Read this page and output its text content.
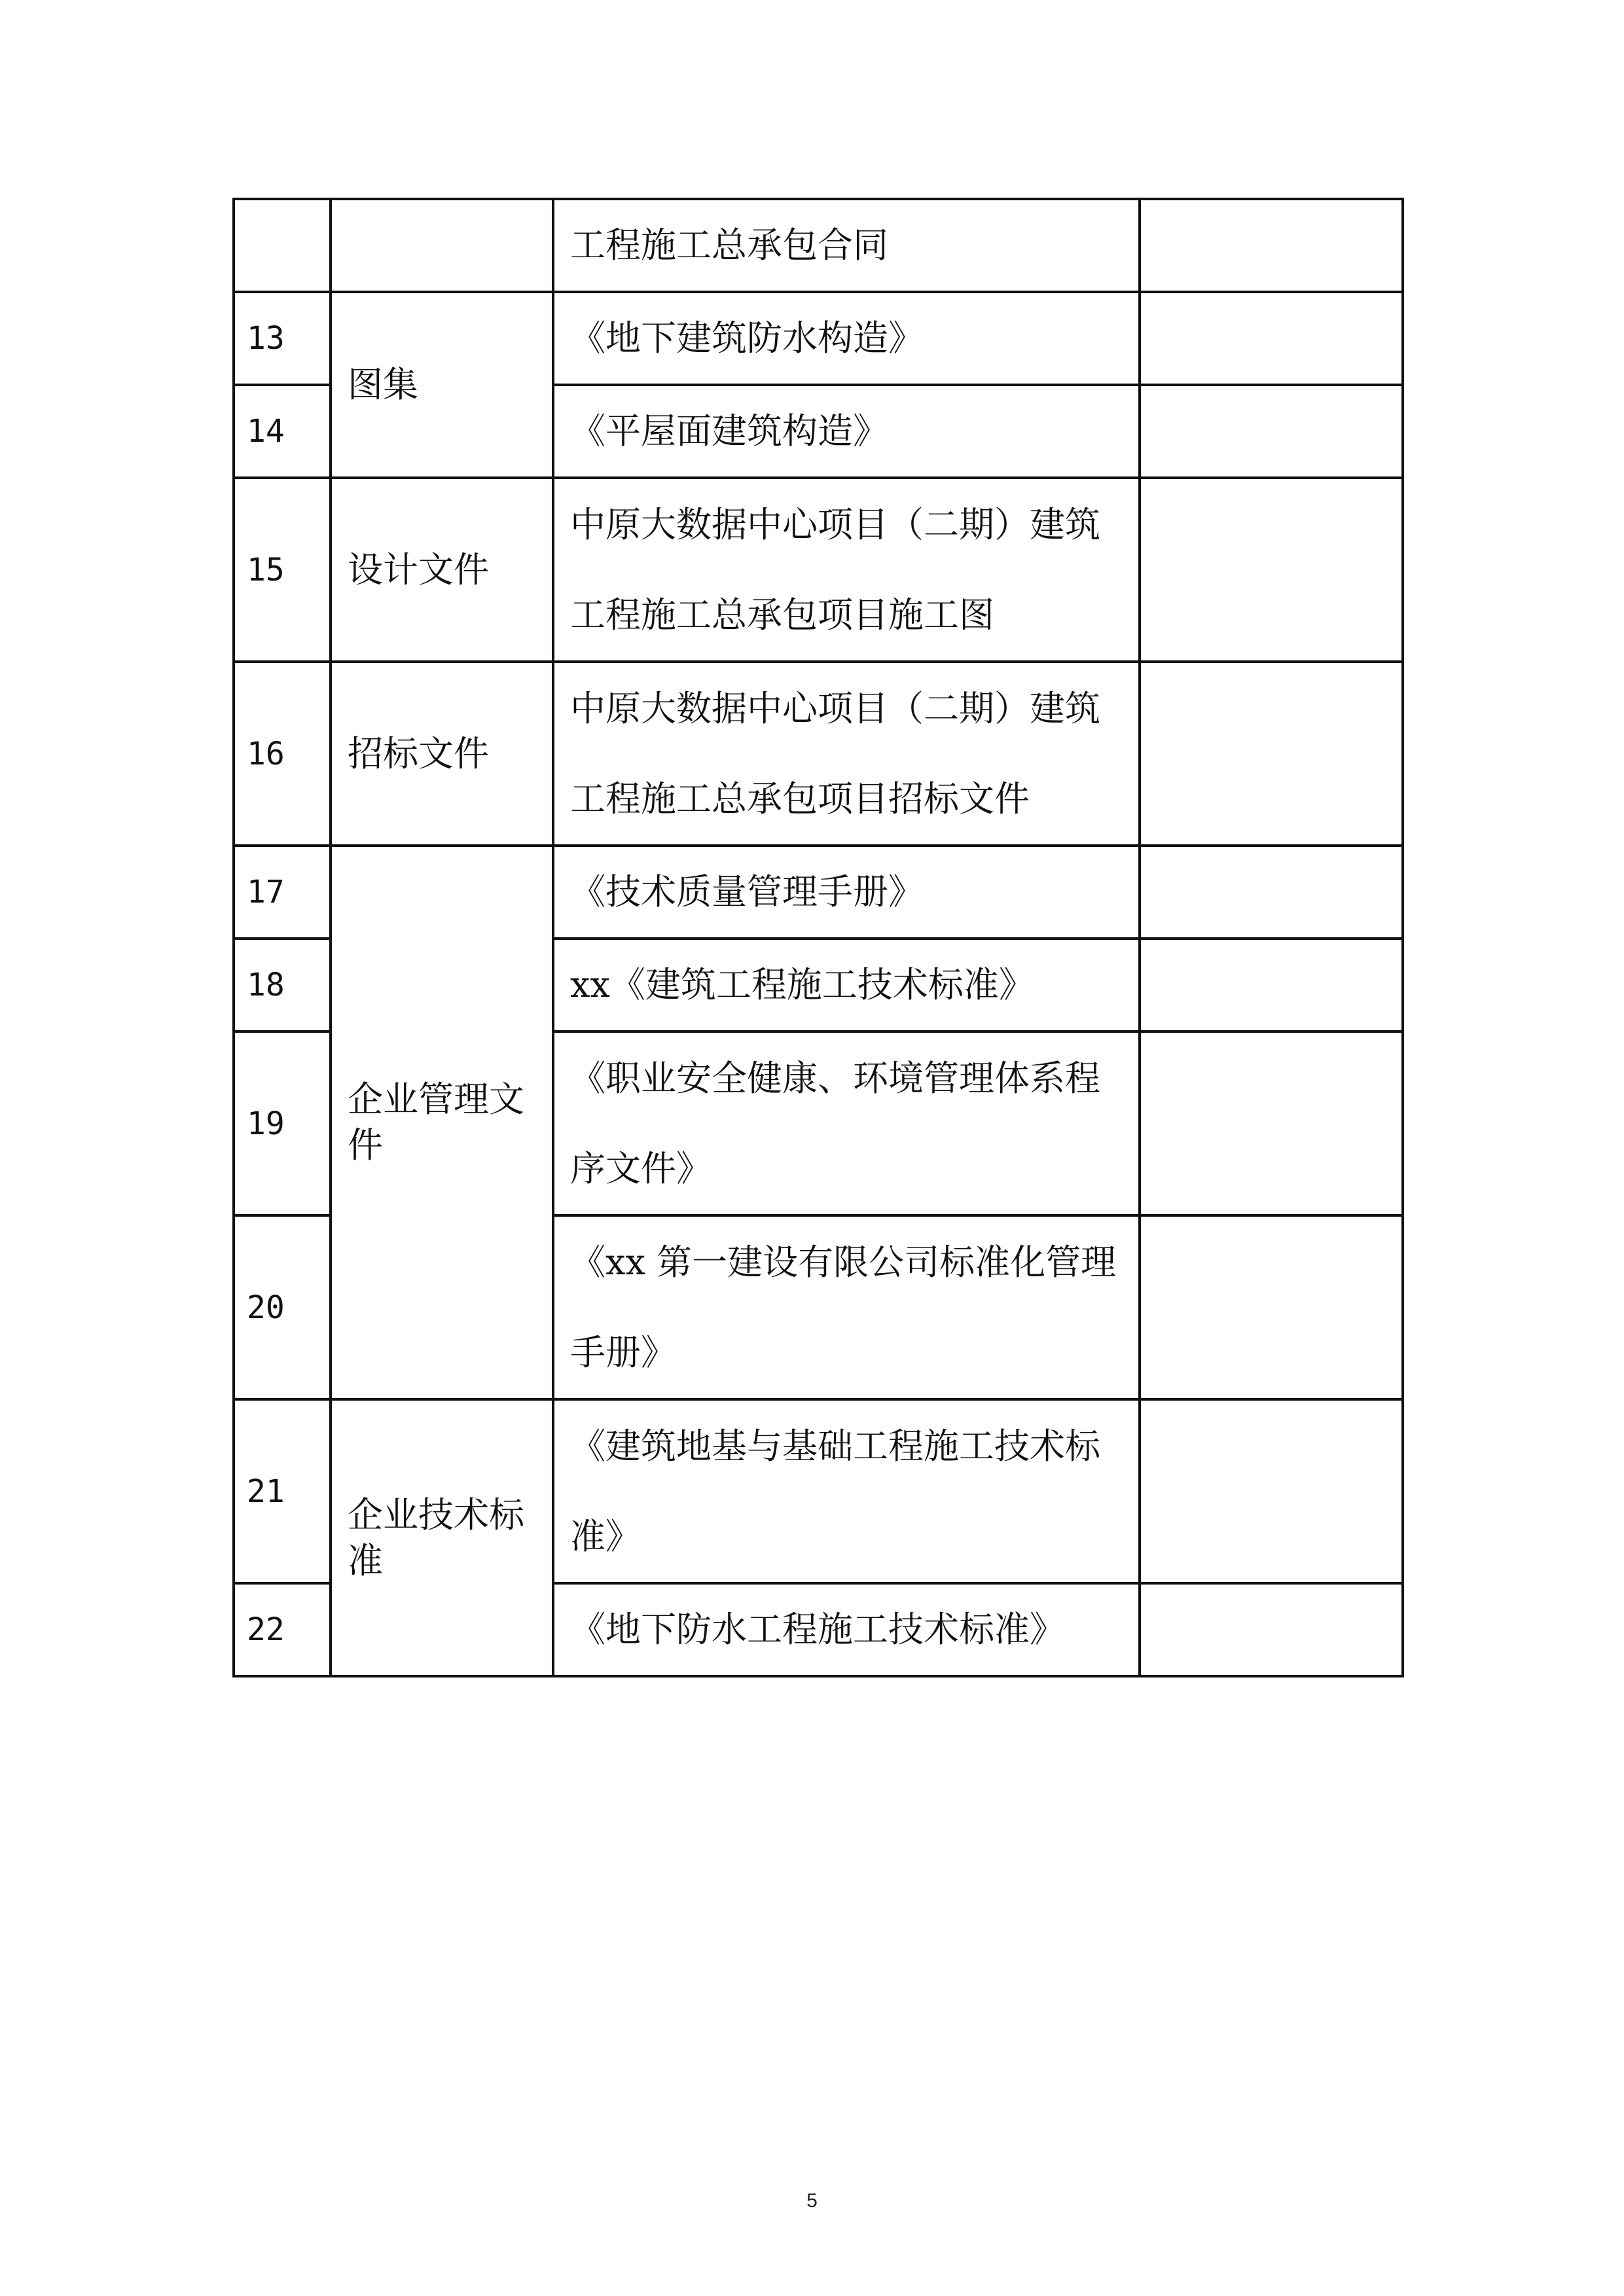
		工程施工总承包合同	
13	图集	《地下建筑防水构造》	
14		《平屋面建筑构造》	
15	设计文件	中原大数据中心项目（二期）建筑工程施工总承包项目施工图	
16	招标文件	中原大数据中心项目（二期）建筑工程施工总承包项目招标文件	
17	企业管理文件	《技术质量管理手册》	
18		xx《建筑工程施工技术标准》	
19		《职业安全健康、环境管理体系程序文件》	
20		《xx 第一建设有限公司标准化管理手册》	
21	企业技术标准	《建筑地基与基础工程施工技术标准》	
22		《地下防水工程施工技术标准》	
5
